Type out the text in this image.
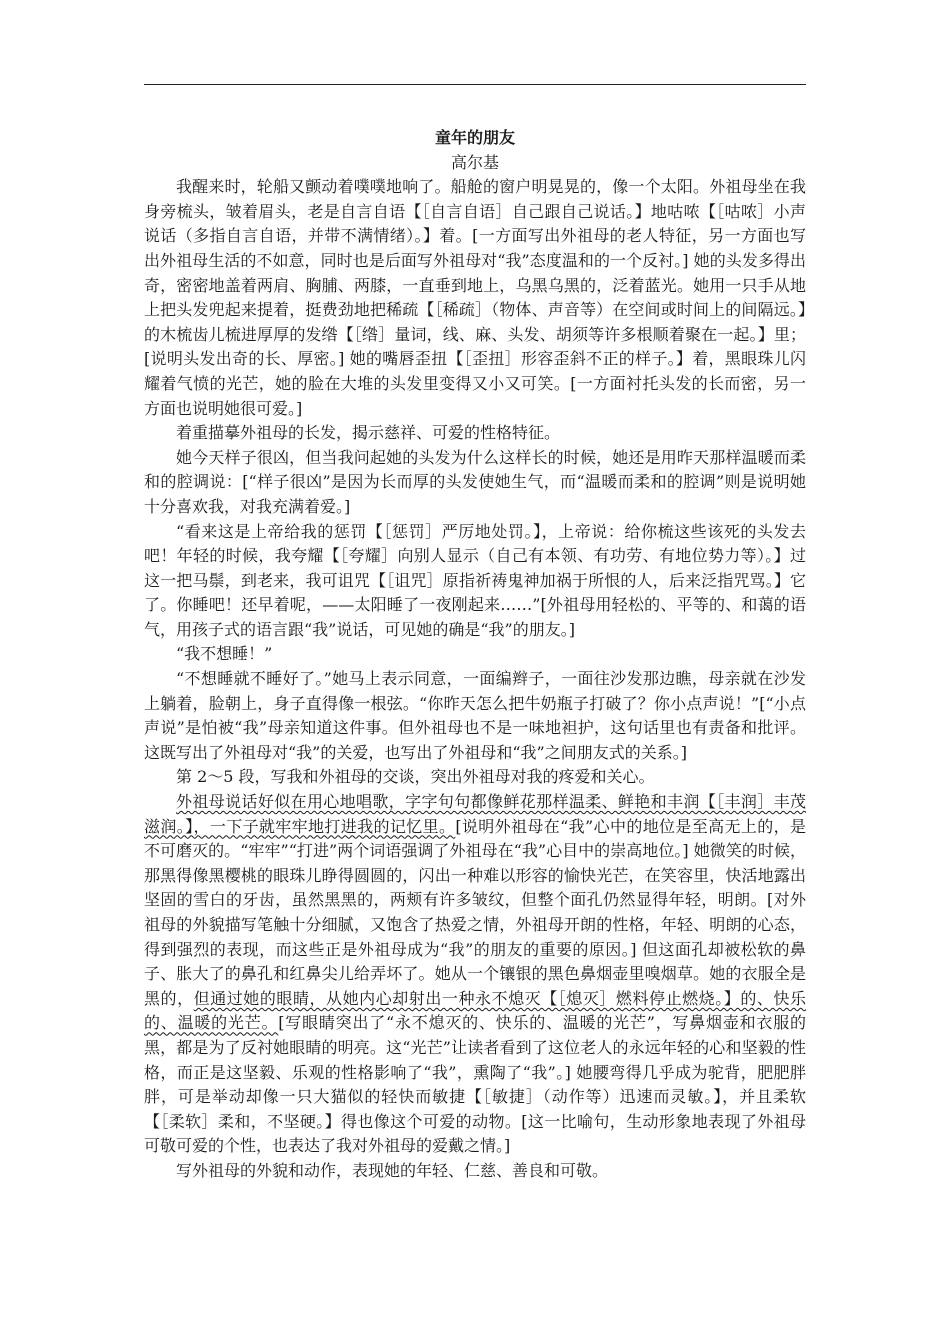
童年的朋友

高尔基

我醒来时，轮船又颤动着噗噗地响了。船舱的窗户明晃晃的，像一个太阳。外祖母坐在我身旁梳头，皱着眉头，老是自言自语【［自言自语］自己跟自己说话。】地咕哝【［咕哝］小声说话（多指自言自语，并带不满情绪）。】着。[一方面写出外祖母的老人特征，另一方面也写出外祖母生活的不如意，同时也是后面写外祖母对“我”态度温和的一个反衬。] 她的头发多得出奇，密密地盖着两肩、胸脯、两膝，一直垂到地上，乌黑乌黑的，泛着蓝光。她用一只手从地上把头发兜起来提着，挺费劲地把稀疏【［稀疏］（物体、声音等）在空间或时间上的间隔远。】的木梳齿儿梳进厚厚的发绺【［绺］量词，线、麻、头发、胡须等许多根顺着聚在一起。】里；[说明头发出奇的长、厚密。] 她的嘴唇歪扭【［歪扭］形容歪斜不正的样子。】着，黑眼珠儿闪耀着气愤的光芒，她的脸在大堆的头发里变得又小又可笑。[一方面衬托头发的长而密，另一方面也说明她很可爱。]

着重描摹外祖母的长发，揭示慈祥、可爱的性格特征。

她今天样子很凶，但当我问起她的头发为什么这样长的时候，她还是用昨天那样温暖而柔和的腔调说：[“样子很凶”是因为长而厚的头发使她生气，而“温暖而柔和的腔调”则是说明她十分喜欢我，对我充满着爱。]

“看来这是上帝给我的惩罚【［惩罚］严厉地处罚。】，上帝说：给你梳这些该死的头发去吧！年轻的时候，我夸耀【［夸耀］向别人显示（自己有本领、有功劳、有地位势力等）。】过这一把马鬃，到老来，我可诅咒【［诅咒］原指祈祷鬼神加祸于所恨的人，后来泛指咒骂。】它了。你睡吧！还早着呢，——太阳睡了一夜刚起来……”[外祖母用轻松的、平等的、和蔼的语气，用孩子式的语言跟“我”说话，可见她的确是“我”的朋友。]

“我不想睡！”

“不想睡就不睡好了。”她马上表示同意，一面编辫子，一面往沙发那边瞧，母亲就在沙发上躺着，脸朝上，身子直得像一根弦。“你昨天怎么把牛奶瓶子打破了？你小点声说！”[“小点声说”是怕被“我”母亲知道这件事。但外祖母也不是一味地袒护，这句话里也有责备和批评。这既写出了外祖母对“我”的关爱，也写出了外祖母和“我”之间朋友式的关系。]

第 2～5 段，写我和外祖母的交谈，突出外祖母对我的疼爱和关心。

外祖母说话好似在用心地唱歌，字字句句都像鲜花那样温柔、鲜艳和丰润【［丰润］丰茂滋润。】，一下子就牢牢地打进我的记忆里。[说明外祖母在“我”心中的地位是至高无上的，是不可磨灭的。“牢牢”“打进”两个词语强调了外祖母在“我”心目中的崇高地位。] 她微笑的时候，那黑得像黑樱桃的眼珠儿睁得圆圆的，闪出一种难以形容的愉快光芒，在笑容里，快活地露出坚固的雪白的牙齿，虽然黑黑的，两颊有许多皱纹，但整个面孔仍然显得年轻，明朗。[对外祖母的外貌描写笔触十分细腻，又饱含了热爱之情，外祖母开朗的性格，年轻、明朗的心态，得到强烈的表现，而这些正是外祖母成为“我”的朋友的重要的原因。] 但这面孔却被松软的鼻子、胀大了的鼻孔和红鼻尖儿给弄坏了。她从一个镶银的黑色鼻烟壶里嗅烟草。她的衣服全是黑的，但通过她的眼睛，从她内心却射出一种永不熄灭【［熄灭］燃料停止燃烧。】的、快乐的、温暖的光芒。[写眼睛突出了“永不熄灭的、快乐的、温暖的光芒”，写鼻烟壶和衣服的黑，都是为了反衬她眼睛的明亮。这“光芒”让读者看到了这位老人的永远年轻的心和坚毅的性格，而正是这坚毅、乐观的性格影响了“我”，熏陶了“我”。] 她腰弯得几乎成为驼背，肥肥胖胖，可是举动却像一只大猫似的轻快而敏捷【［敏捷］（动作等）迅速而灵敏。】，并且柔软【［柔软］柔和，不坚硬。】得也像这个可爱的动物。[这一比喻句，生动形象地表现了外祖母可敬可爱的个性，也表达了我对外祖母的爱戴之情。]

写外祖母的外貌和动作，表现她的年轻、仁慈、善良和可敬。
